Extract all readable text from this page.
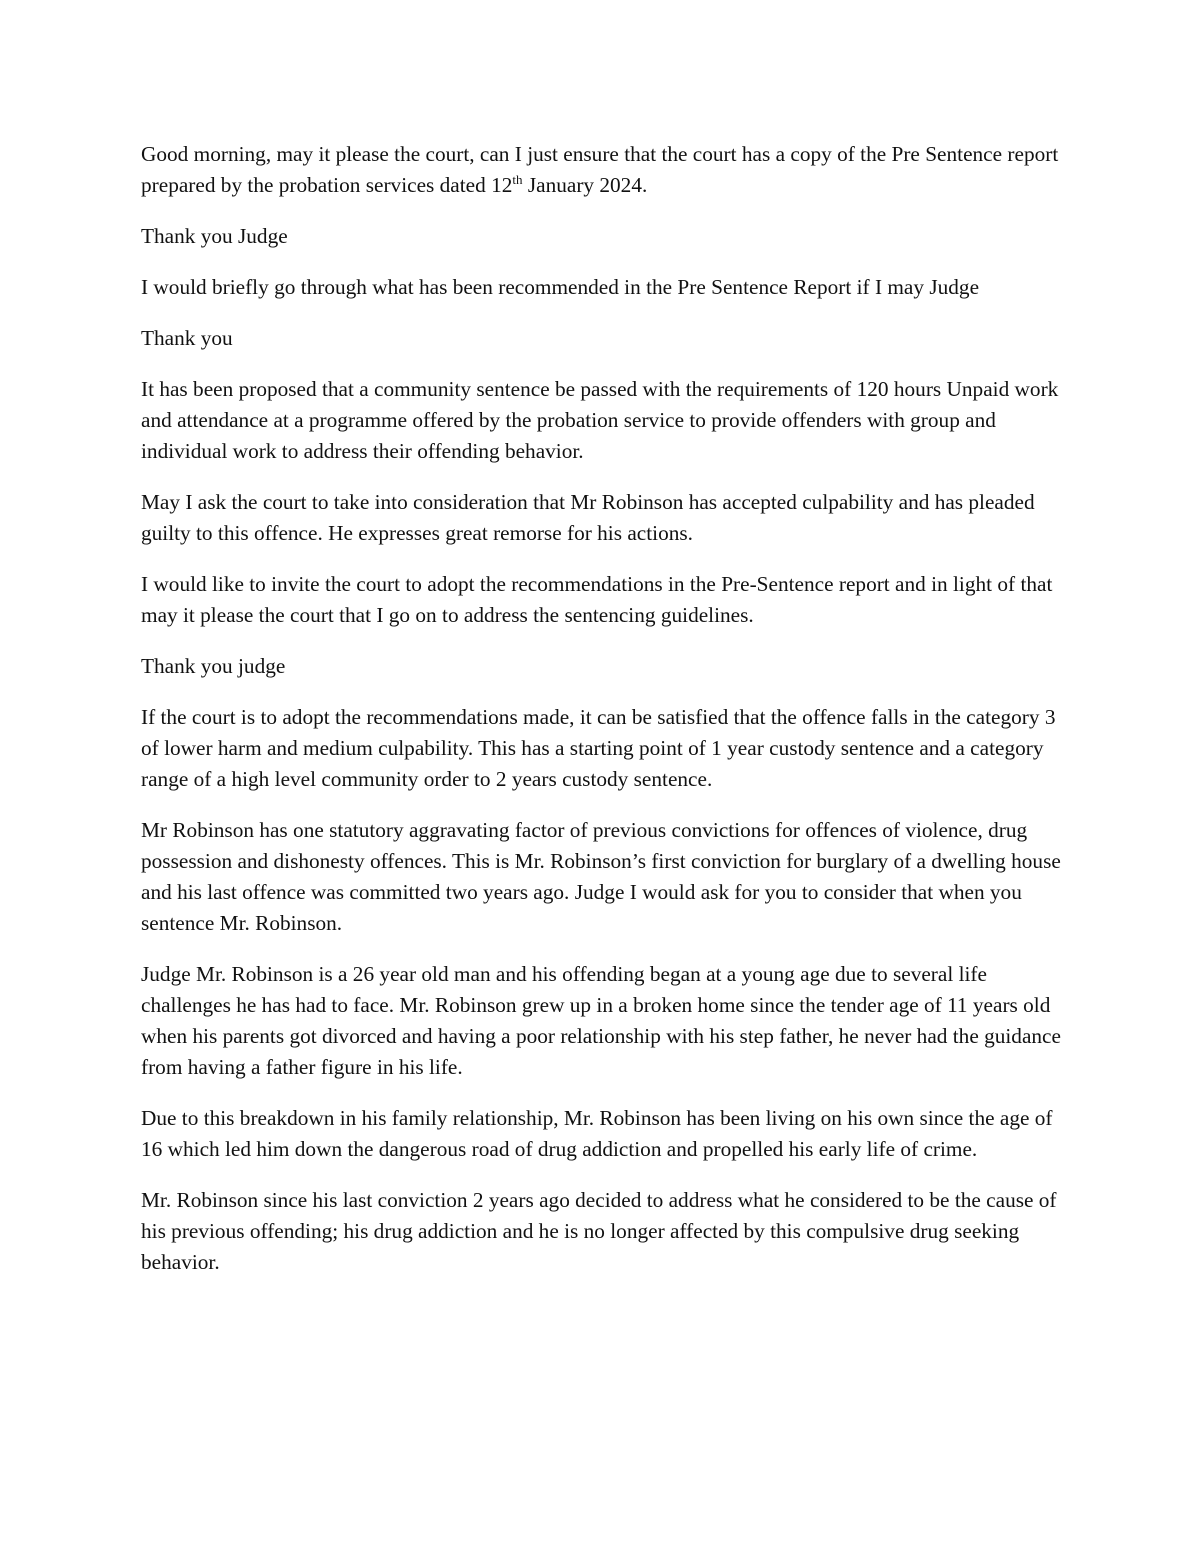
Good morning, may it please the court, can I just ensure that the court has a copy of the Pre Sentence report prepared by the probation services dated 12th January 2024.

Thank you Judge

I would briefly go through what has been recommended in the Pre Sentence Report if I may Judge

Thank you

It has been proposed that a community sentence be passed with the requirements of 120 hours Unpaid work and attendance at a programme offered by the probation service to provide offenders with group and individual work to address their offending behavior.

May I ask the court to take into consideration that Mr Robinson has accepted culpability and has pleaded guilty to this offence. He expresses great remorse for his actions.

I would like to invite the court to adopt the recommendations in the Pre-Sentence report and in light of that may it please the court that I go on to address the sentencing guidelines.

Thank you judge

If the court is to adopt the recommendations made, it can be satisfied that the offence falls in the category 3 of lower harm and medium culpability. This has a starting point of 1 year custody sentence and a category range of a high level community order to 2 years custody sentence.

Mr Robinson has one statutory aggravating factor of previous convictions for offences of violence, drug possession and dishonesty offences. This is Mr. Robinson’s first conviction for burglary of a dwelling house and his last offence was committed two years ago. Judge I would ask for you to consider that when you sentence Mr. Robinson.

Judge Mr. Robinson is a 26 year old man and his offending began at a young age due to several life challenges he has had to face. Mr. Robinson grew up in a broken home since the tender age of 11 years old when his parents got divorced and having a poor relationship with his step father, he never had the guidance from having a father figure in his life.

Due to this breakdown in his family relationship, Mr. Robinson has been living on his own since the age of 16 which led him down the dangerous road of drug addiction and propelled his early life of crime.

Mr. Robinson since his last conviction 2 years ago decided to address what he considered to be the cause of his previous offending; his drug addiction and he is no longer affected by this compulsive drug seeking behavior.
